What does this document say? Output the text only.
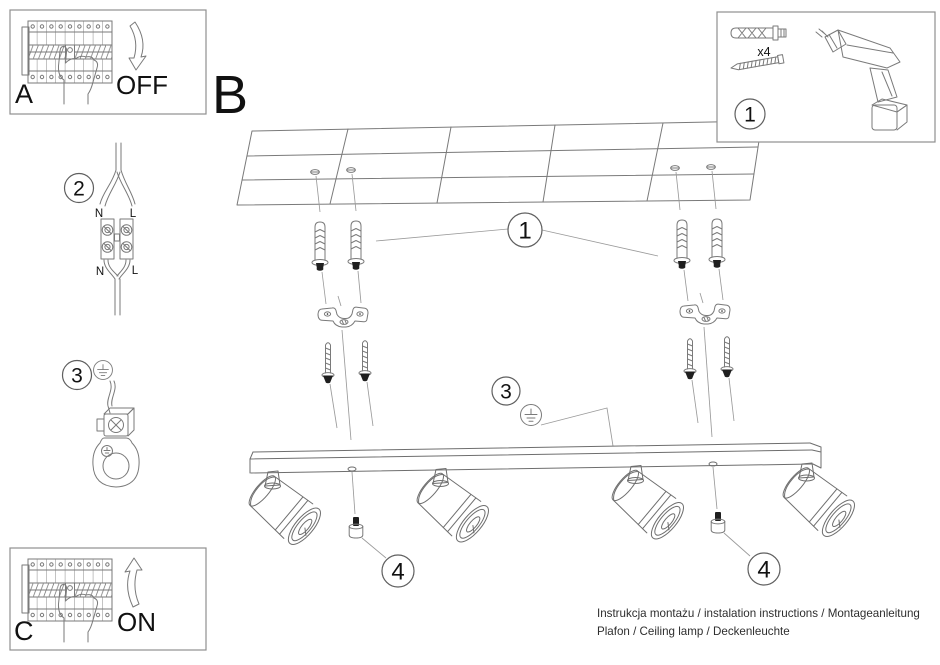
B
1
3
4	4
2
N L
N L
3
A	OFF
C	ON
x4
1
Instrukcja montażu / instalation instructions / Montageanleitung
Plafon / Ceiling lamp / Deckenleuchte
